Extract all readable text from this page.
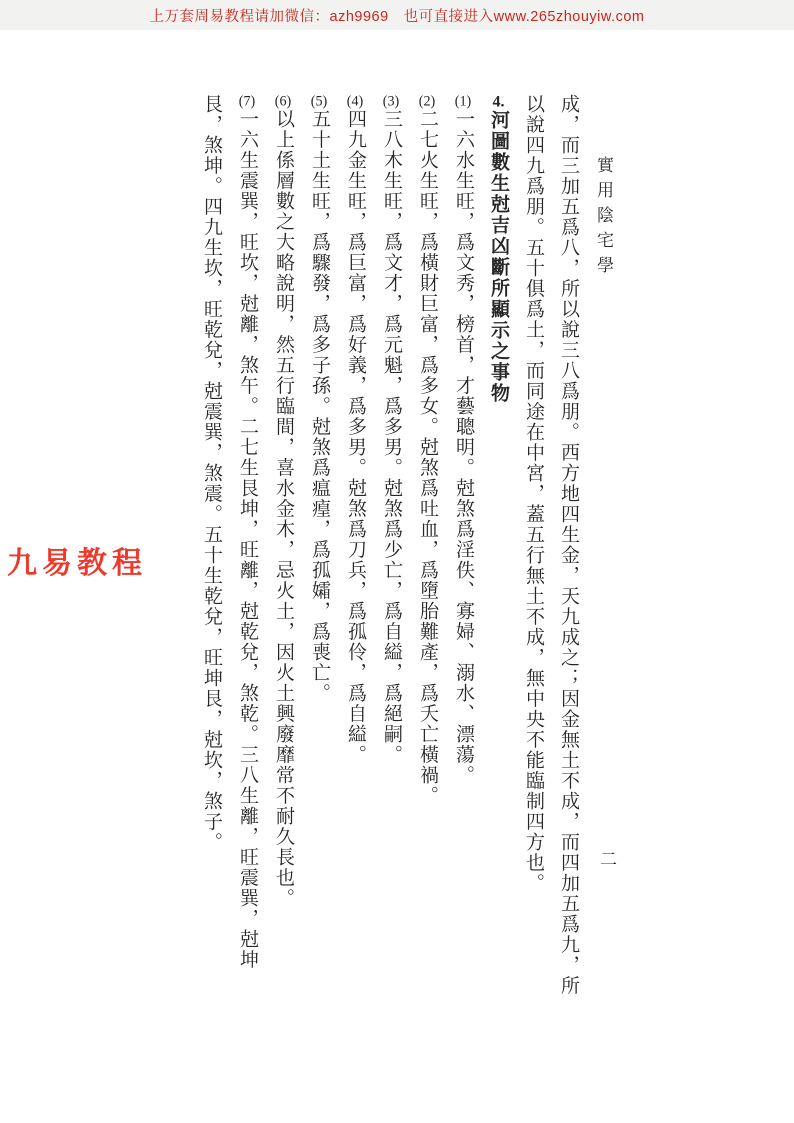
上万套周易教程请加微信：azh9969　也可直接进入www.265zhouyiw.com
九易教程
實用陰宅學
二

成，而三加五爲八，所以說三八爲朋。西方地四生金，天九成之；因金無土不成，而四加五爲九，所以說四九爲朋。五十俱爲土，而同途在中宮，蓋五行無土不成，無中央不能臨制四方也。

4.河圖數生尅吉凶斷所顯示之事物

(1)一六水生旺，爲文秀，榜首，才藝聰明。尅煞爲淫佚、寡婦、溺水、漂蕩。

(2)二七火生旺，爲橫財巨富，爲多女。尅煞爲吐血，爲墮胎難產，爲夭亡橫禍。

(3)三八木生旺，爲文才，爲元魁，爲多男。尅煞爲少亡，爲自縊，爲絕嗣。

(4)四九金生旺，爲巨富，爲好義，爲多男。尅煞爲刀兵，爲孤伶，爲自縊。

(5)五十土生旺，爲驟發，爲多子孫。尅煞爲瘟㾮，爲孤孀，爲喪亡。

(6)以上係層數之大略說明，然五行臨間，喜水金木，忌火土，因火土興廢靡常不耐久長也。

(7)一六生震巽，旺坎，尅離，煞午。二七生艮坤，旺離，尅乾兌，煞乾。三八生離，旺震巽，尅坤艮，煞坤。四九生坎，旺乾兌，尅震巽，煞震。五十生乾兌，旺坤艮，尅坎，煞子。
